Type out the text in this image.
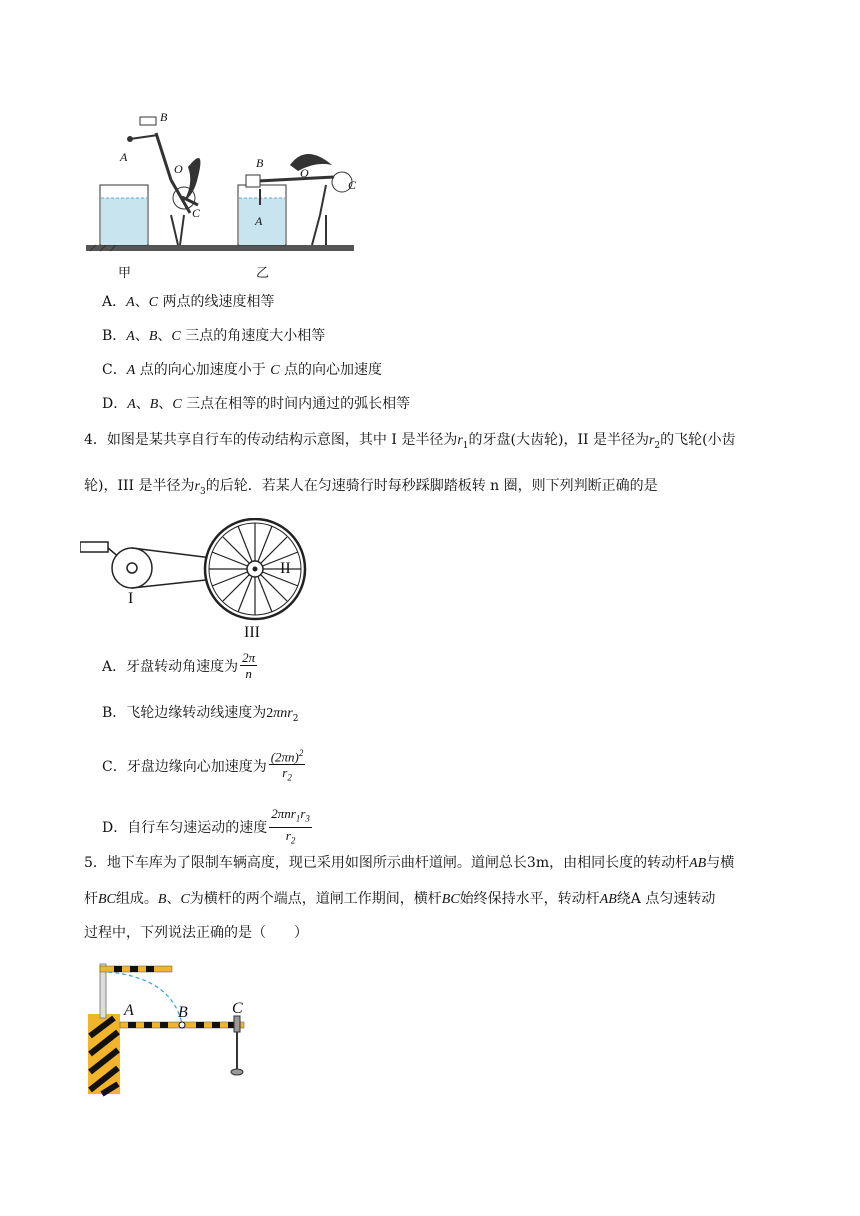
甲	乙
B
A
O
C
B
A
O
C
A．A、C 两点的线速度相等
B．A、B、C 三点的角速度大小相等
C．A 点的向心加速度小于 C 点的向心加速度
D．A、B、C 三点在相等的时间内通过的弧长相等
4．如图是某共享自行车的传动结构示意图，其中 I 是半径为$r_1$的牙盘(大齿轮)，II 是半径为$r_2$的飞轮(小齿
轮)，III 是半径为$r_3$的后轮．若某人在匀速骑行时每秒踩脚踏板转 n 圈，则下列判断正确的是
I
II
III
A．牙盘转动角速度为 $\frac{2\pi}{n}$
B．飞轮边缘转动线速度为2πnr$_2$
C．牙盘边缘向心加速度为 $\frac{(2\pi n)^2}{r_2}$
D．自行车匀速运动的速度 $\frac{2\pi nr_1r_3}{r_2}$
5．地下车库为了限制车辆高度，现已采用如图所示曲杆道闸。道闸总长3m，由相同长度的转动杆AB与横
杆BC组成。B、C为横杆的两个端点，道闸工作期间，横杆BC始终保持水平，转动杆AB绕A 点匀速转动
过程中，下列说法正确的是（　　）
A	B	C
